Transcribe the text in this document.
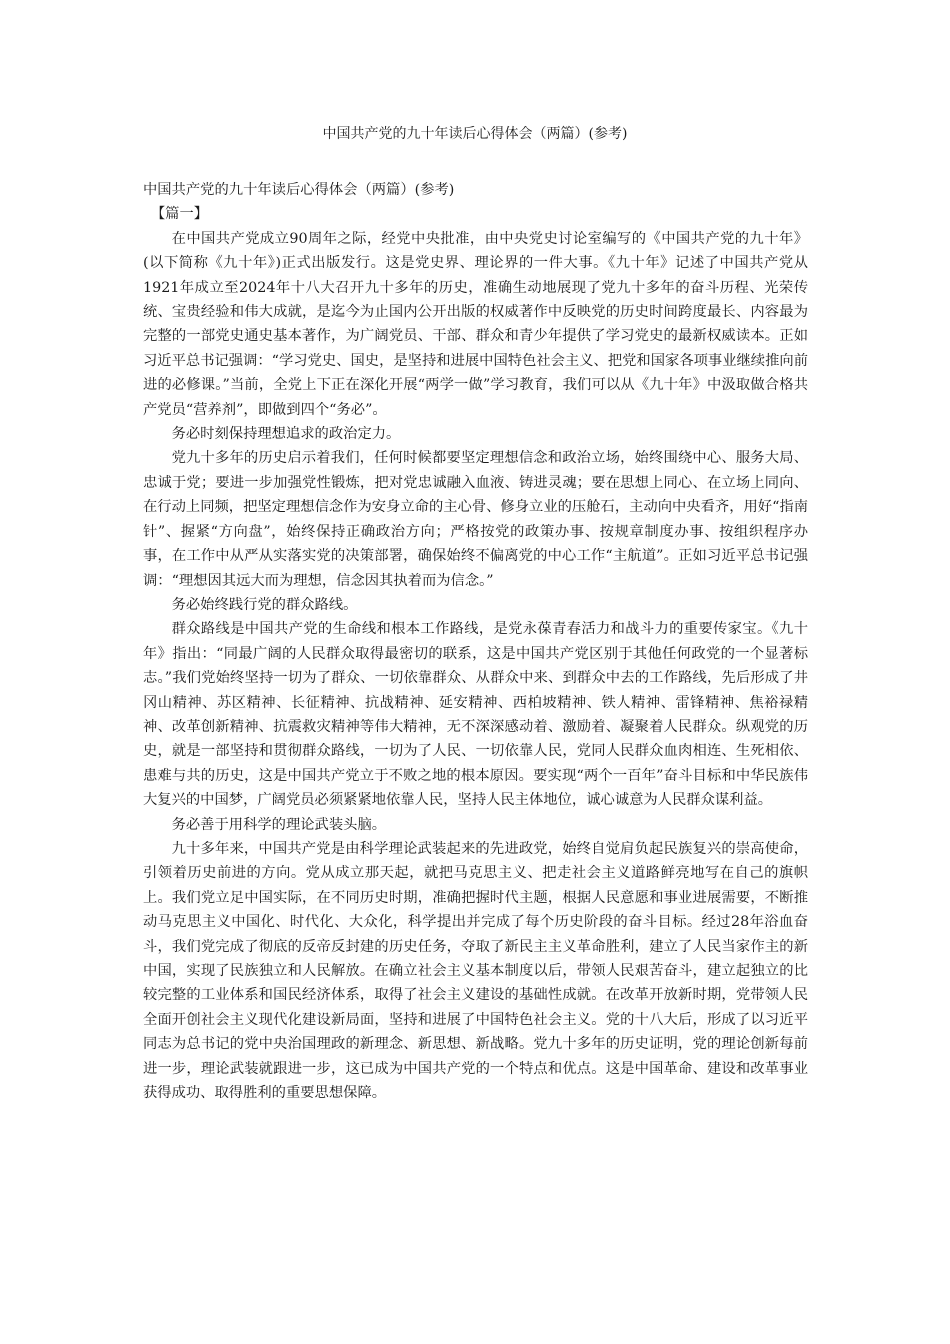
中国共产党的九十年读后心得体会（两篇）(参考)

中国共产党的九十年读后心得体会（两篇）(参考)

【篇一】

在中国共产党成立90周年之际，经党中央批准，由中央党史讨论室编写的《中国共产党的九十年》(以下简称《九十年》)正式出版发行。这是党史界、理论界的一件大事。《九十年》记述了中国共产党从1921年成立至2024年十八大召开九十多年的历史，准确生动地展现了党九十多年的奋斗历程、光荣传统、宝贵经验和伟大成就，是迄今为止国内公开出版的权威著作中反映党的历史时间跨度最长、内容最为完整的一部党史通史基本著作，为广阔党员、干部、群众和青少年提供了学习党史的最新权威读本。正如习近平总书记强调：“学习党史、国史，是坚持和进展中国特色社会主义、把党和国家各项事业继续推向前进的必修课。”当前，全党上下正在深化开展“两学一做”学习教育，我们可以从《九十年》中汲取做合格共产党员“营养剂”，即做到四个“务必”。

务必时刻保持理想追求的政治定力。

党九十多年的历史启示着我们，任何时候都要坚定理想信念和政治立场，始终围绕中心、服务大局、忠诚于党；要进一步加强党性锻炼，把对党忠诚融入血液、铸进灵魂；要在思想上同心、在立场上同向、在行动上同频，把坚定理想信念作为安身立命的主心骨、修身立业的压舱石，主动向中央看齐，用好“指南针”、握紧“方向盘”，始终保持正确政治方向；严格按党的政策办事、按规章制度办事、按组织程序办事，在工作中从严从实落实党的决策部署，确保始终不偏离党的中心工作“主航道”。正如习近平总书记强调：“理想因其远大而为理想，信念因其执着而为信念。”

务必始终践行党的群众路线。

群众路线是中国共产党的生命线和根本工作路线，是党永葆青春活力和战斗力的重要传家宝。《九十年》指出：“同最广阔的人民群众取得最密切的联系，这是中国共产党区别于其他任何政党的一个显著标志。”我们党始终坚持一切为了群众、一切依靠群众、从群众中来、到群众中去的工作路线，先后形成了井冈山精神、苏区精神、长征精神、抗战精神、延安精神、西柏坡精神、铁人精神、雷锋精神、焦裕禄精神、改革创新精神、抗震救灾精神等伟大精神，无不深深感动着、激励着、凝聚着人民群众。纵观党的历史，就是一部坚持和贯彻群众路线，一切为了人民、一切依靠人民，党同人民群众血肉相连、生死相依、患难与共的历史，这是中国共产党立于不败之地的根本原因。要实现“两个一百年”奋斗目标和中华民族伟大复兴的中国梦，广阔党员必须紧紧地依靠人民，坚持人民主体地位，诚心诚意为人民群众谋利益。

务必善于用科学的理论武装头脑。

九十多年来，中国共产党是由科学理论武装起来的先进政党，始终自觉肩负起民族复兴的崇高使命，引领着历史前进的方向。党从成立那天起，就把马克思主义、把走社会主义道路鲜亮地写在自己的旗帜上。我们党立足中国实际，在不同历史时期，准确把握时代主题，根据人民意愿和事业进展需要，不断推动马克思主义中国化、时代化、大众化，科学提出并完成了每个历史阶段的奋斗目标。经过28年浴血奋斗，我们党完成了彻底的反帝反封建的历史任务，夺取了新民主主义革命胜利，建立了人民当家作主的新中国，实现了民族独立和人民解放。在确立社会主义基本制度以后，带领人民艰苦奋斗，建立起独立的比较完整的工业体系和国民经济体系，取得了社会主义建设的基础性成就。在改革开放新时期，党带领人民全面开创社会主义现代化建设新局面，坚持和进展了中国特色社会主义。党的十八大后，形成了以习近平同志为总书记的党中央治国理政的新理念、新思想、新战略。党九十多年的历史证明，党的理论创新每前进一步，理论武装就跟进一步，这已成为中国共产党的一个特点和优点。这是中国革命、建设和改革事业获得成功、取得胜利的重要思想保障。
